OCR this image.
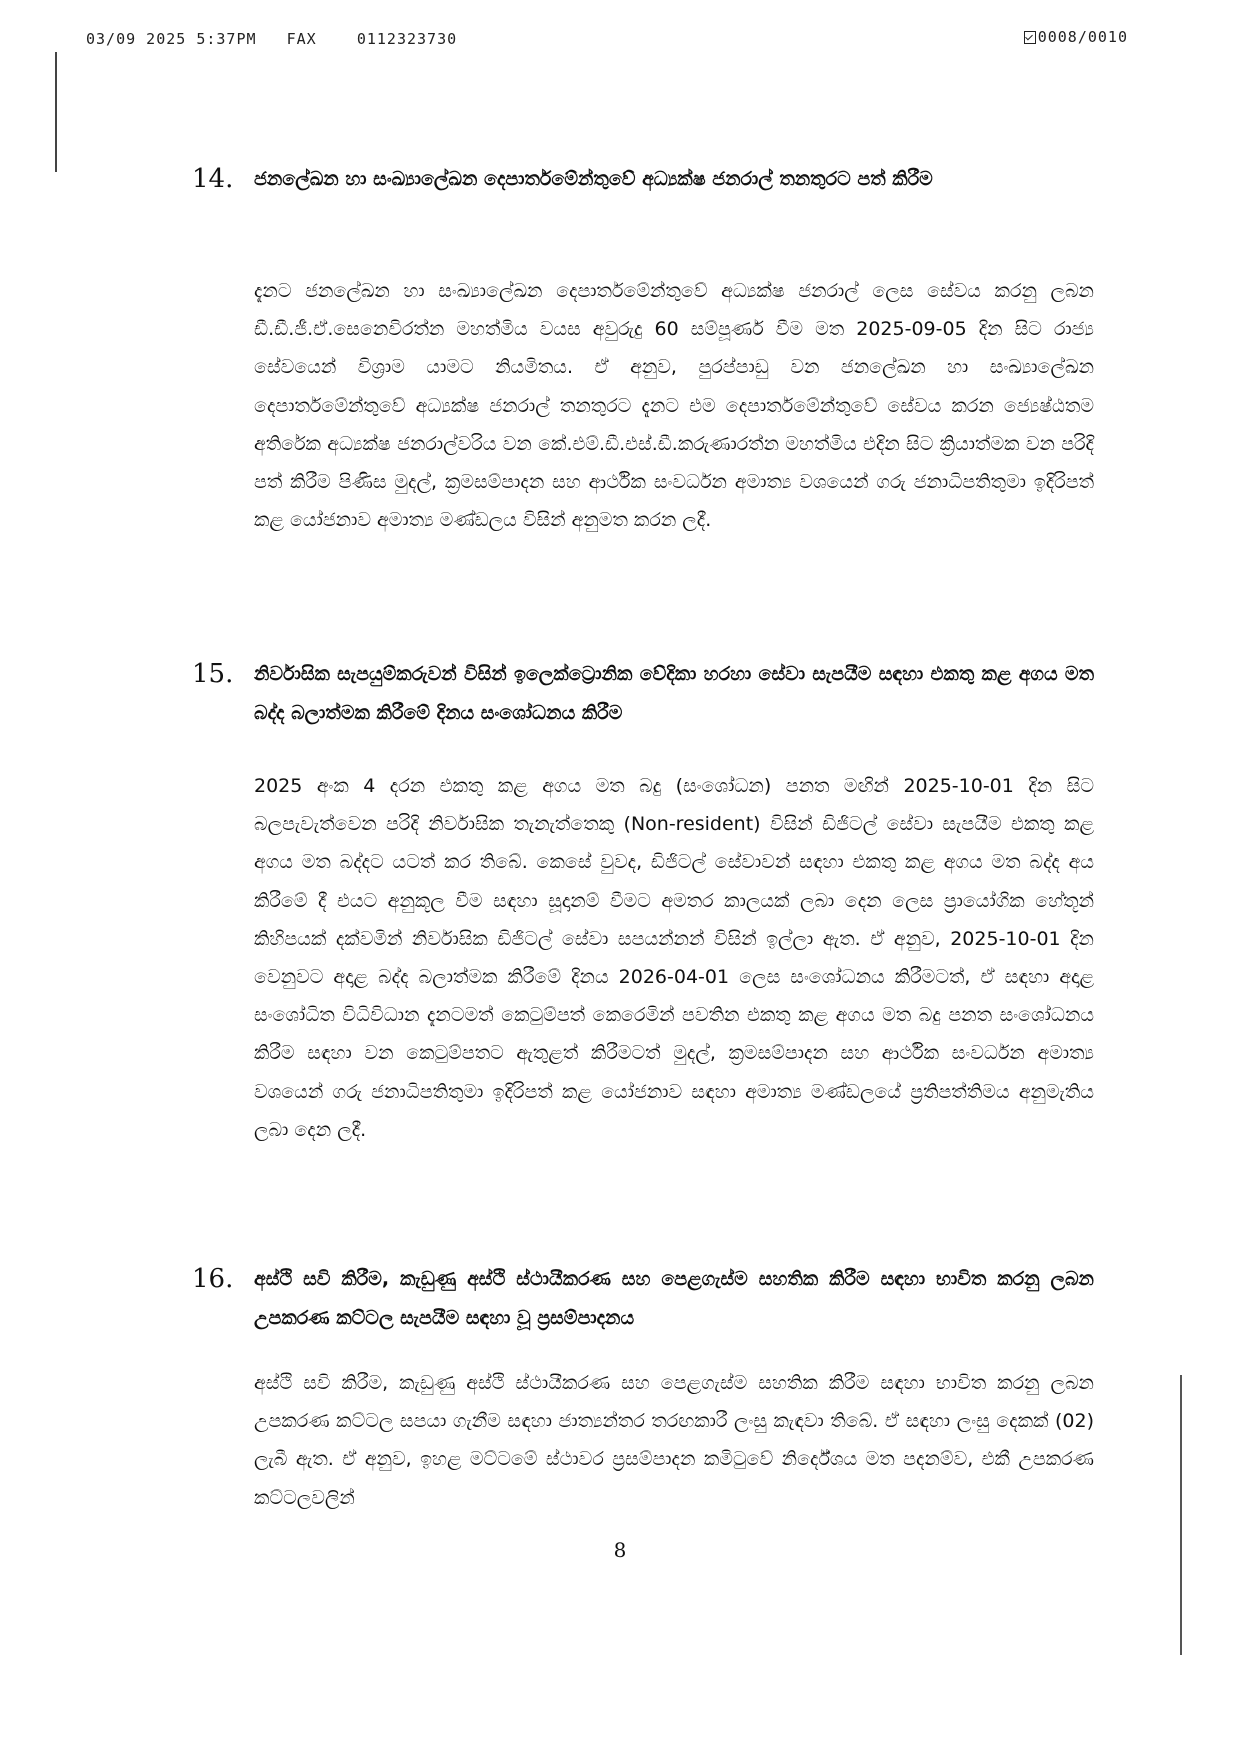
03/09 2025 5:37PM FAX	0112323730	0008/0010
14. ජනලේඛන හා සංඛ්‍යාලේඛන දෙපාර්තමේන්තුවේ අධ්‍යක්ෂ ජනරාල් තනතුරට පත් කිරීම
දැනට ජනලේඛන හා සංඛ්‍යාලේඛන දෙපාර්තමේන්තුවේ අධ්‍යක්ෂ ජනරාල් ලෙස සේවය කරනු ලබන ඩී.ඩී.ජී.ඒ.සෙනෙවිරත්න මහත්මිය වයස අවුරුදු 60 සම්පූර්ණ වීම මත 2025-09-05 දින සිට රාජ්‍ය සේවයෙන් විශ්‍රාම යාමට නියමිතය. ඒ අනුව, පුරප්පාඩු වන ජනලේඛන හා සංඛ්‍යාලේඛන දෙපාර්තමේන්තුවේ අධ්‍යක්ෂ ජනරාල් තනතුරට දැනට එම දෙපාර්තමේන්තුවේ සේවය කරන ජ්‍යෙෂ්ඨතම අතිරේක අධ්‍යක්ෂ ජනරාල්වරිය වන කේ.එම්.ඩී.එස්.ඩී.කරුණාරත්න මහත්මිය එදින සිට ක්‍රියාත්මක වන පරිදි පත් කිරීම පිණිස මුදල්, ක්‍රමසම්පාදන සහ ආර්ථික සංවර්ධන අමාත්‍ය වශයෙන් ගරු ජනාධිපතිතුමා ඉදිරිපත් කළ යෝජනාව අමාත්‍ය මණ්ඩලය විසින් අනුමත කරන ලදී.
15. නිර්වාසික සැපයුම්කරුවන් විසින් ඉලෙක්ට්‍රොනික වේදිකා හරහා සේවා සැපයීම සඳහා එකතු කළ අගය මත බද්ද බලාත්මක කිරීමේ දිනය සංශෝධනය කිරීම
2025 අංක 4 දරන එකතු කළ අගය මත බදු (සංශෝධන) පනත මඟින් 2025-10-01 දින සිට බලපැවැත්වෙන පරිදි නිර්වාසික තැනැත්තෙකු (Non-resident) විසින් ඩිජිටල් සේවා සැපයීම එකතු කළ අගය මත බද්දට යටත් කර තිබේ. කෙසේ වුවද, ඩිජිටල් සේවාවන් සඳහා එකතු කළ අගය මත බද්ද අය කිරීමේ දී එයට අනුකූල වීම සඳහා සූදානම් වීමට අමතර කාලයක් ලබා දෙන ලෙස ප්‍රායෝගික හේතූන් කිහිපයක් දක්වමින් නිර්වාසික ඩිජිටල් සේවා සපයන්නන් විසින් ඉල්ලා ඇත. ඒ අනුව, 2025-10-01 දින වෙනුවට අදාළ බද්ද බලාත්මක කිරීමේ දිනය 2026-04-01 ලෙස සංශෝධනය කිරීමටත්, ඒ සඳහා අදාළ සංශෝධිත විධිවිධාන දැනටමත් කෙටුම්පත් කෙරෙමින් පවතින එකතු කළ අගය මත බදු පනත සංශෝධනය කිරීම සඳහා වන කෙටුම්පතට ඇතුළත් කිරීමටත් මුදල්, ක්‍රමසම්පාදන සහ ආර්ථික සංවර්ධන අමාත්‍ය වශයෙන් ගරු ජනාධිපතිතුමා ඉදිරිපත් කළ යෝජනාව සඳහා අමාත්‍ය මණ්ඩලයේ ප්‍රතිපත්තිමය අනුමැතිය ලබා දෙන ලදී.
16. අස්ථි සවි කිරීම, කැඩුණු අස්ථි ස්ථායීකරණ සහ පෙළගැස්ම සහතික කිරීම සඳහා භාවිත කරනු ලබන උපකරණ කට්ටල සැපයීම සඳහා වූ ප්‍රසම්පාදනය
අස්ථි සවි කිරීම, කැඩුණු අස්ථි ස්ථායීකරණ සහ පෙළගැස්ම සහතික කිරීම සඳහා භාවිත කරනු ලබන උපකරණ කට්ටල සපයා ගැනීම සඳහා ජාත්‍යන්තර තරඟකාරී ලංසු කැඳවා තිබේ. ඒ සඳහා ලංසු දෙකක් (02) ලැබී ඇත. ඒ අනුව, ඉහළ මට්ටමේ ස්ථාවර ප්‍රසම්පාදන කමිටුවේ නිර්දේශය මත පදනම්ව, එකී උපකරණ කට්ටලවලින්
8
